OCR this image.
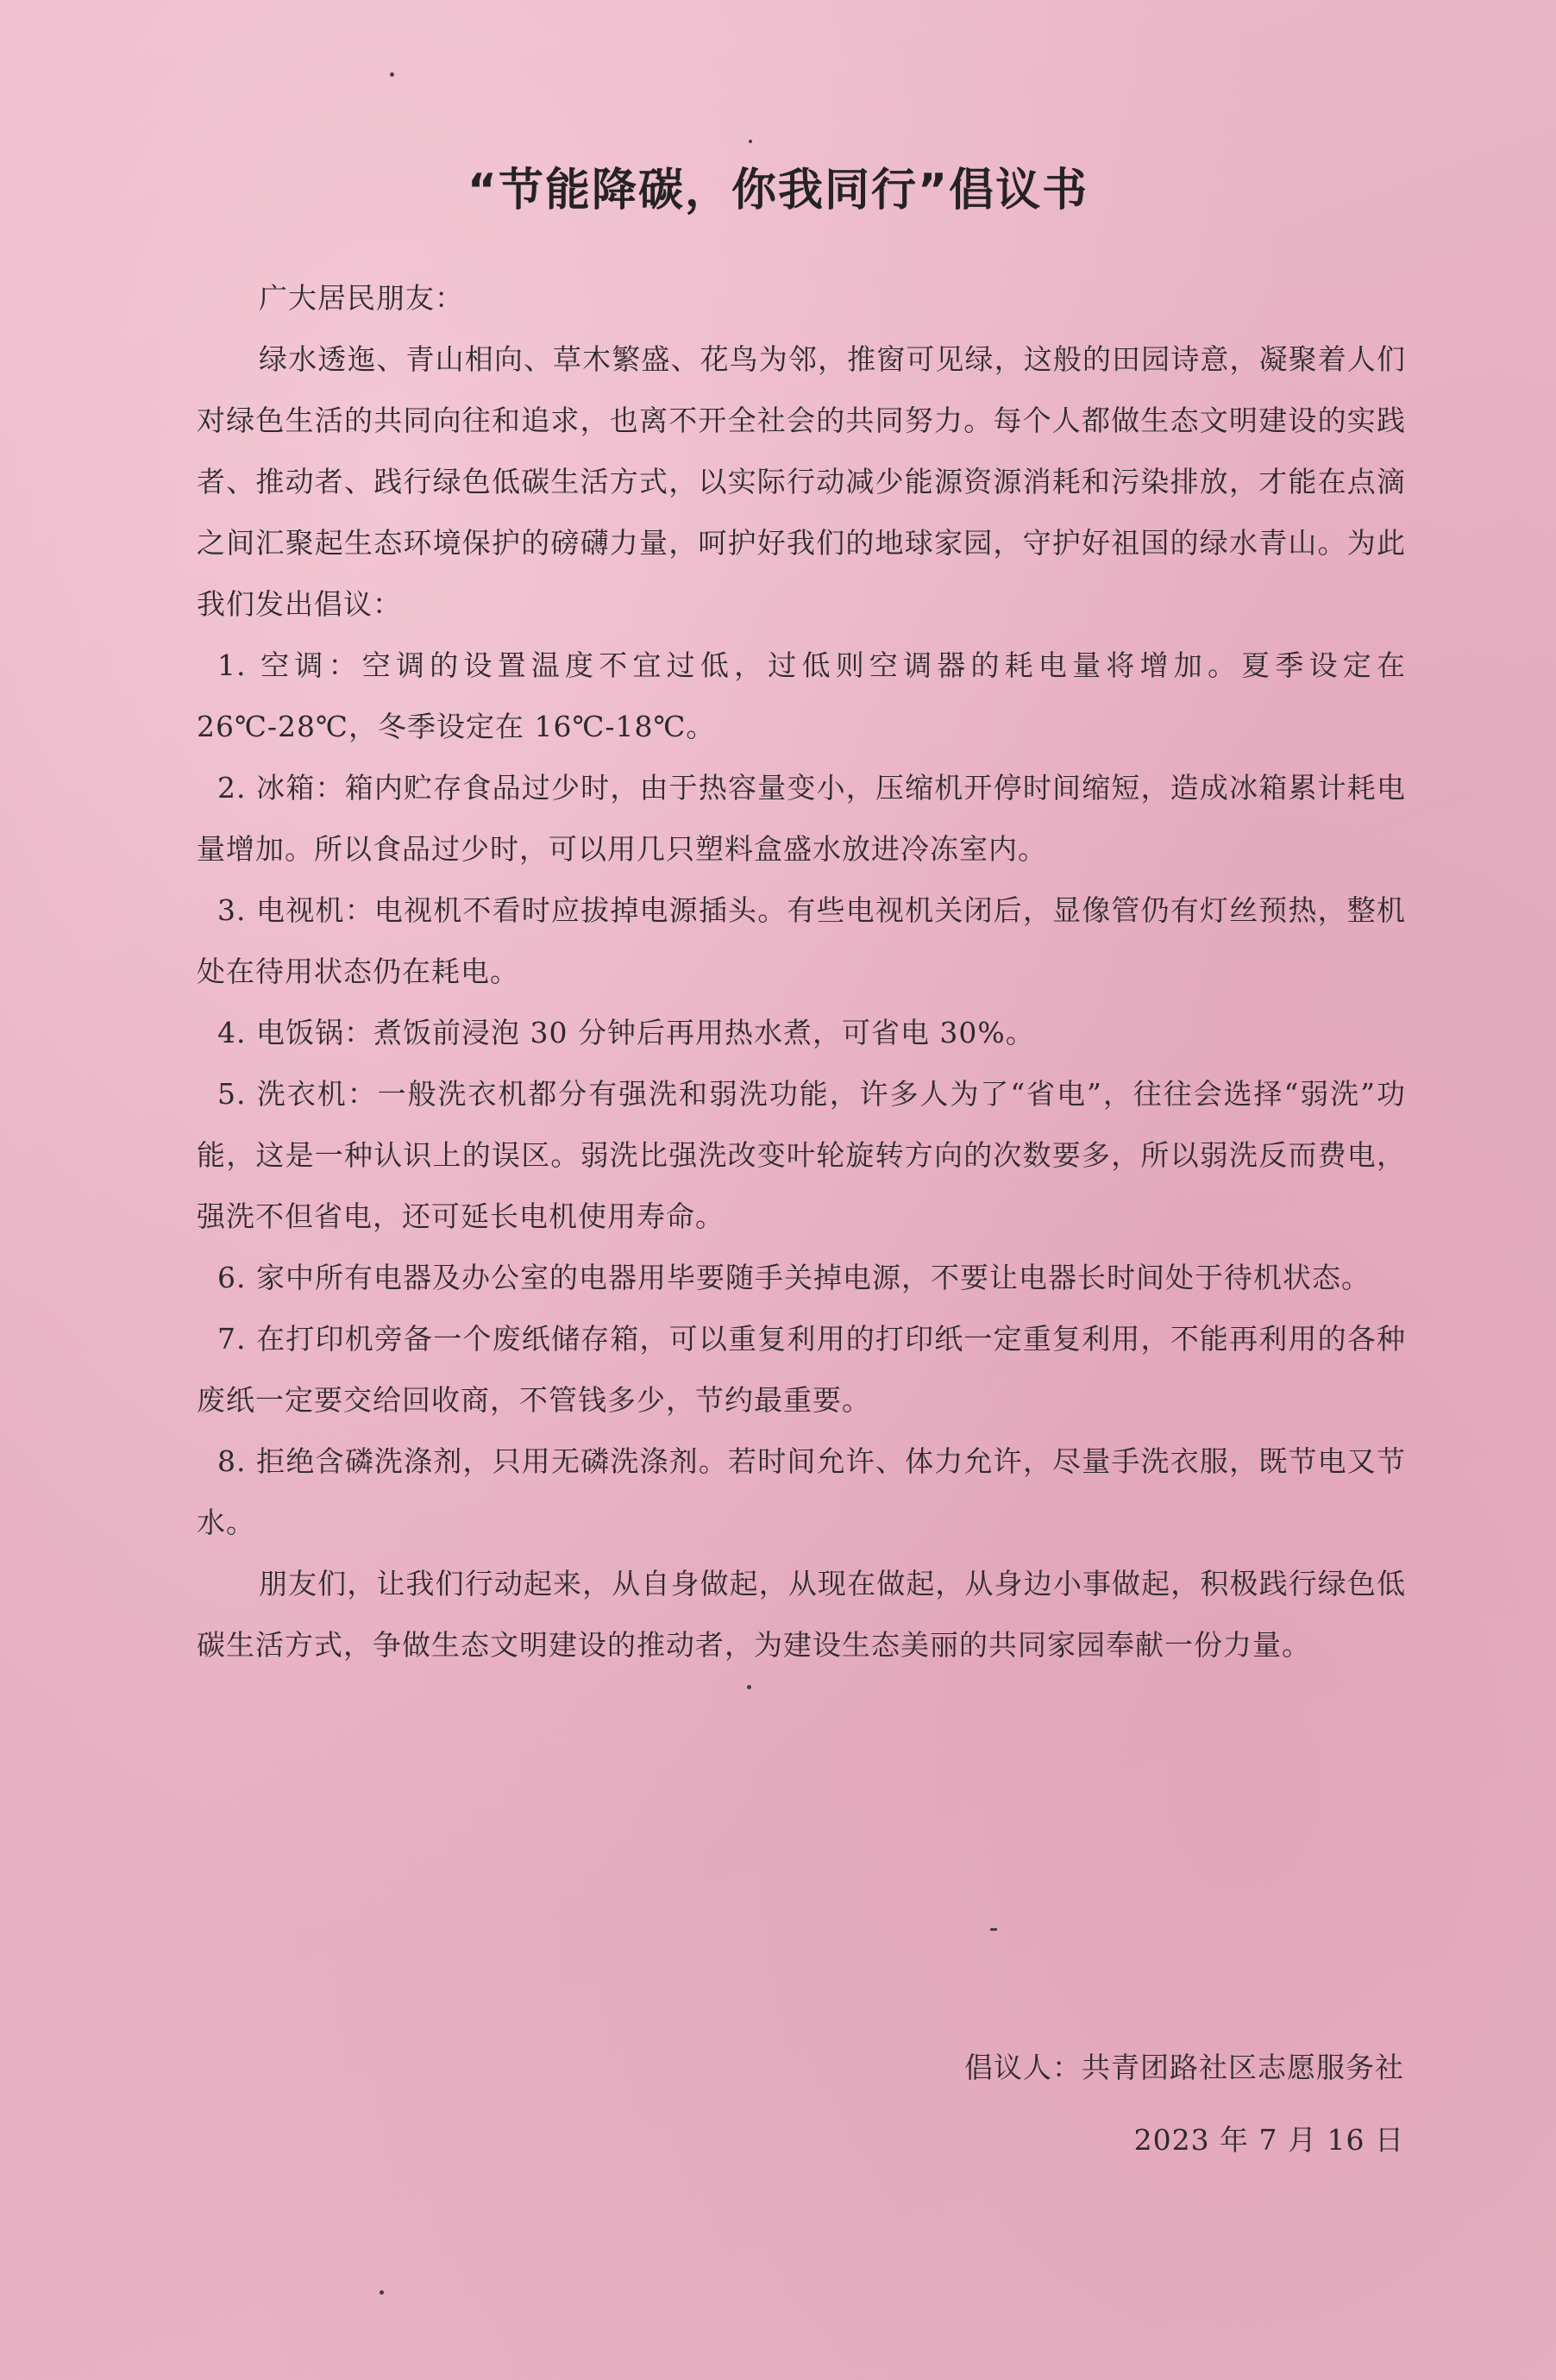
“节能降碳，你我同行”倡议书

广大居民朋友：

绿水透迤、青山相向、草木繁盛、花鸟为邻，推窗可见绿，这般的田园诗意，凝聚着人们对绿色生活的共同向往和追求，也离不开全社会的共同努力。每个人都做生态文明建设的实践者、推动者、践行绿色低碳生活方式，以实际行动减少能源资源消耗和污染排放，才能在点滴之间汇聚起生态环境保护的磅礴力量，呵护好我们的地球家园，守护好祖国的绿水青山。为此我们发出倡议：

1. 空调：空调的设置温度不宜过低，过低则空调器的耗电量将增加。夏季设定在 26℃-28℃，冬季设定在 16℃-18℃。

2. 冰箱：箱内贮存食品过少时，由于热容量变小，压缩机开停时间缩短，造成冰箱累计耗电量增加。所以食品过少时，可以用几只塑料盒盛水放进冷冻室内。

3. 电视机：电视机不看时应拔掉电源插头。有些电视机关闭后，显像管仍有灯丝预热，整机处在待用状态仍在耗电。

4. 电饭锅：煮饭前浸泡 30 分钟后再用热水煮，可省电 30%。

5. 洗衣机：一般洗衣机都分有强洗和弱洗功能，许多人为了“省电”，往往会选择“弱洗”功能，这是一种认识上的误区。弱洗比强洗改变叶轮旋转方向的次数要多，所以弱洗反而费电，强洗不但省电，还可延长电机使用寿命。

6. 家中所有电器及办公室的电器用毕要随手关掉电源，不要让电器长时间处于待机状态。

7. 在打印机旁备一个废纸储存箱，可以重复利用的打印纸一定重复利用，不能再利用的各种废纸一定要交给回收商，不管钱多少，节约最重要。

8. 拒绝含磷洗涤剂，只用无磷洗涤剂。若时间允许、体力允许，尽量手洗衣服，既节电又节水。

朋友们，让我们行动起来，从自身做起，从现在做起，从身边小事做起，积极践行绿色低碳生活方式，争做生态文明建设的推动者，为建设生态美丽的共同家园奉献一份力量。

倡议人：共青团路社区志愿服务社
2023 年 7 月 16 日
